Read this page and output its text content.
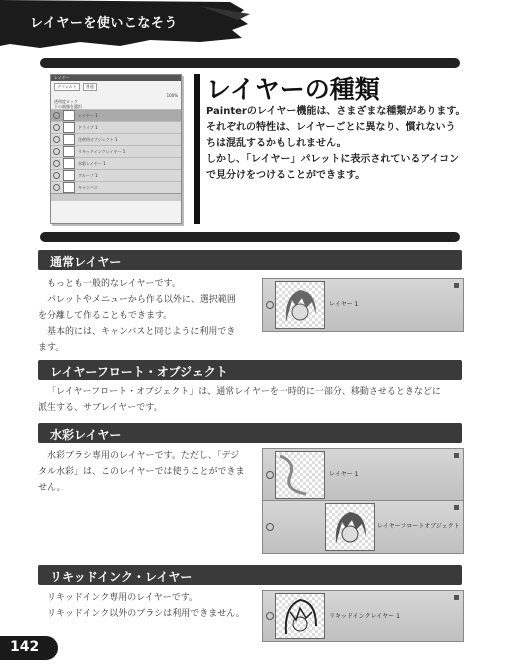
レイヤーを使いこなそう
レイヤー
デフォルト	普通

100%
透明度ロック
下の画像を選択
レイヤー 1
ドライブ 1
注釈用オブジェクト 1
リキッドインクレイヤー 1
水彩レイヤー 1
グループ 1
キャンバス
レイヤーの種類

Painterのレイヤー機能は、さまざまな種類があります。

それぞれの特性は、レイヤーごとに異なり、慣れないう

ちは混乱するかもしれません。

しかし、「レイヤー」パレットに表示されているアイコン

で見分けをつけることができます。

通常レイヤー

もっとも一般的なレイヤーです。

パレットやメニューから作る以外に、選択範囲

を分離して作ることもできます。

基本的には、キャンバスと同じように利用でき

ます。

レイヤー 1
レイヤーフロート・オブジェクト

「レイヤーフロート・オブジェクト」は、通常レイヤーを一時的に一部分、移動させるときなどに

派生する、サブレイヤーです。

水彩レイヤー

水彩ブラシ専用のレイヤーです。ただし、「デジ

タル水彩」は、このレイヤーでは使うことができま

せん。

レイヤー 1
レイヤーフロートオブジェクト
リキッドインク・レイヤー

リキッドインク専用のレイヤーです。

リキッドインク以外のブラシは利用できません。	リキッドインクレイヤー 1
142
